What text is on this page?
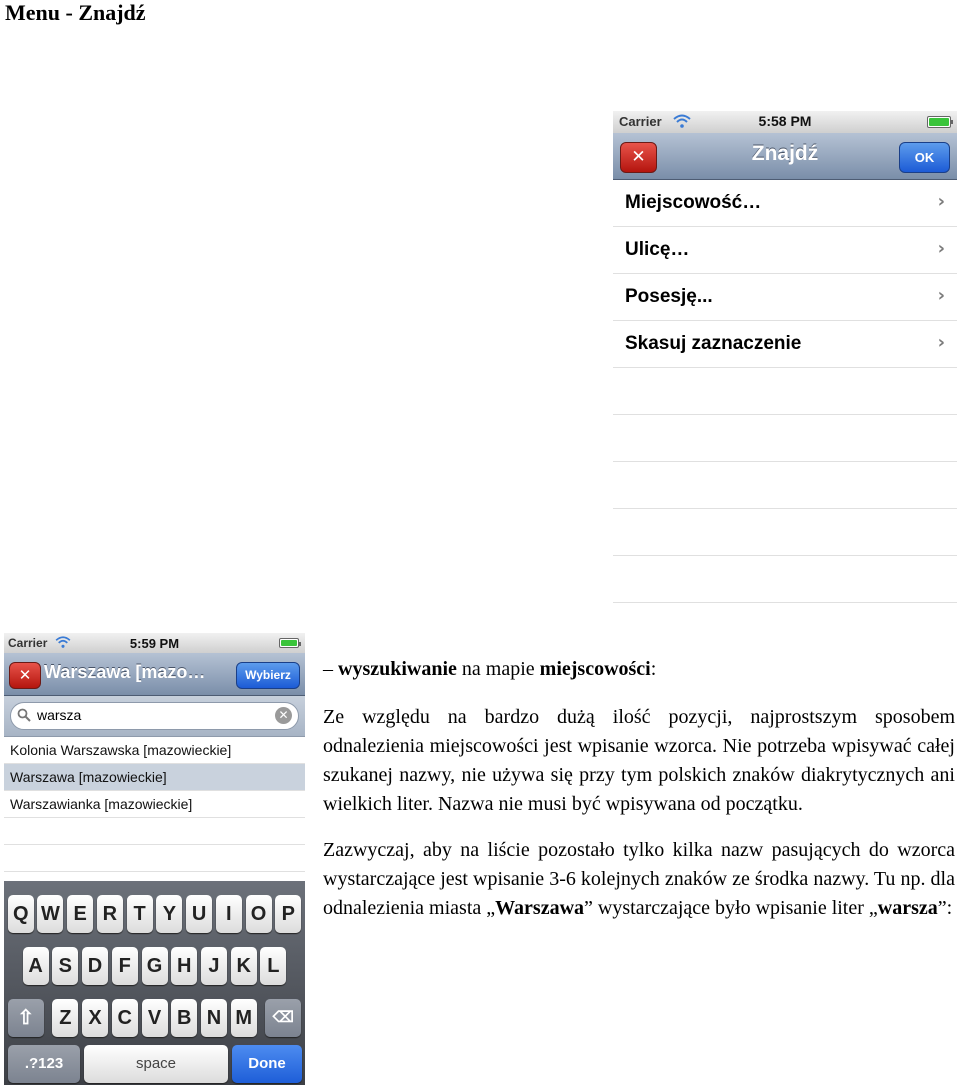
Menu - Znajdź
Carrier	5:58 PM
✕	Znajdź	OK
Miejscowość…	›
Ulicę…	›
Posesję...	›
Skasuj zaznaczenie	›
Carrier	5:59 PM
✕ Warszawa [mazo…	Wybierz
warsza	✕
Kolonia Warszawska [mazowieckie]
Warszawa [mazowieckie]
Warszawianka [mazowieckie]
Q W E R T Y U I O P
A S D F G H J K L
Z X C V B N M
⇧	⌫
.?123	space	Done
– wyszukiwanie na mapie miejscowości:

Ze względu na bardzo dużą ilość pozycji, najprostszym sposobem odnalezienia miejscowości jest wpisanie wzorca. Nie potrzeba wpisywać całej szukanej nazwy, nie używa się przy tym polskich znaków diakrytycznych ani wielkich liter. Nazwa nie musi być wpisywana od początku.

Zazwyczaj, aby na liście pozostało tylko kilka nazw pasujących do wzorca wystarczające jest wpisanie 3-6 kolejnych znaków ze środka nazwy. Tu np. dla odnalezienia miasta „Warszawa” wystarczające było wpisanie liter „warsza”:
